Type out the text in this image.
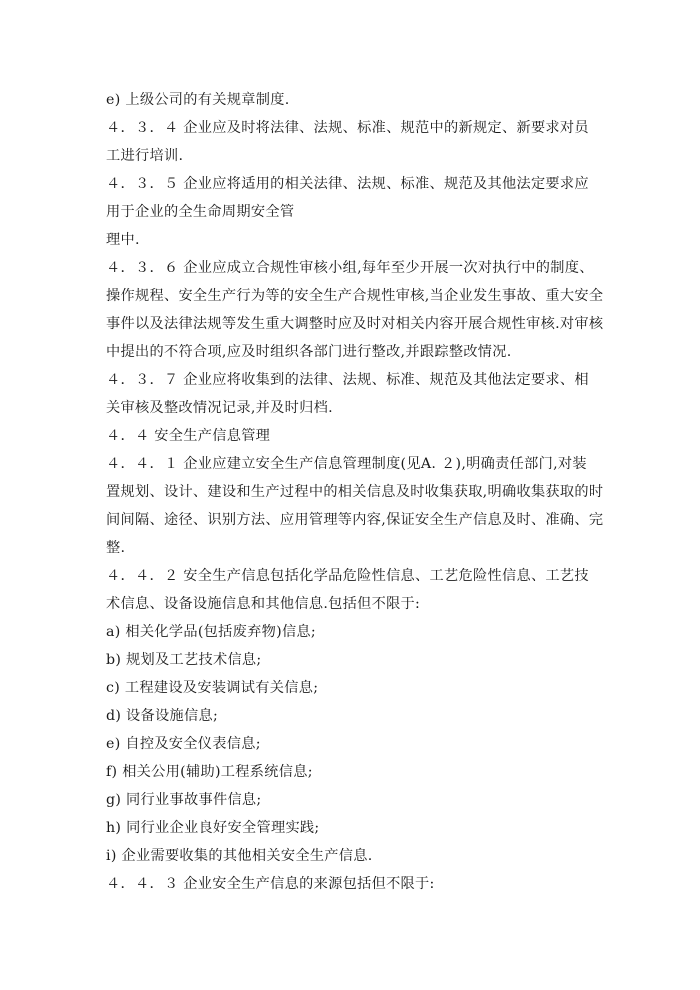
e) 上级公司的有关规章制度.
４．３．４ 企业应及时将法律、法规、标准、规范中的新规定、新要求对员
工进行培训.
４．３．５ 企业应将适用的相关法律、法规、标准、规范及其他法定要求应
用于企业的全生命周期安全管
理中.
４．３．６ 企业应成立合规性审核小组,每年至少开展一次对执行中的制度、
操作规程、安全生产行为等的安全生产合规性审核,当企业发生事故、重大安全
事件以及法律法规等发生重大调整时应及时对相关内容开展合规性审核.对审核
中提出的不符合项,应及时组织各部门进行整改,并跟踪整改情况.
４．３．７ 企业应将收集到的法律、法规、标准、规范及其他法定要求、相
关审核及整改情况记录,并及时归档.
４．４ 安全生产信息管理
４．４．１ 企业应建立安全生产信息管理制度(见A. ２),明确责任部门,对装
置规划、设计、建设和生产过程中的相关信息及时收集获取,明确收集获取的时
间间隔、途径、识别方法、应用管理等内容,保证安全生产信息及时、准确、完
整.
４．４．２ 安全生产信息包括化学品危险性信息、工艺危险性信息、工艺技
术信息、设备设施信息和其他信息.包括但不限于:
a) 相关化学品(包括废弃物)信息;
b) 规划及工艺技术信息;
c) 工程建设及安装调试有关信息;
d) 设备设施信息;
e) 自控及安全仪表信息;
f) 相关公用(辅助)工程系统信息;
g) 同行业事故事件信息;
h) 同行业企业良好安全管理实践;
i) 企业需要收集的其他相关安全生产信息.
４．４．３ 企业安全生产信息的来源包括但不限于:
